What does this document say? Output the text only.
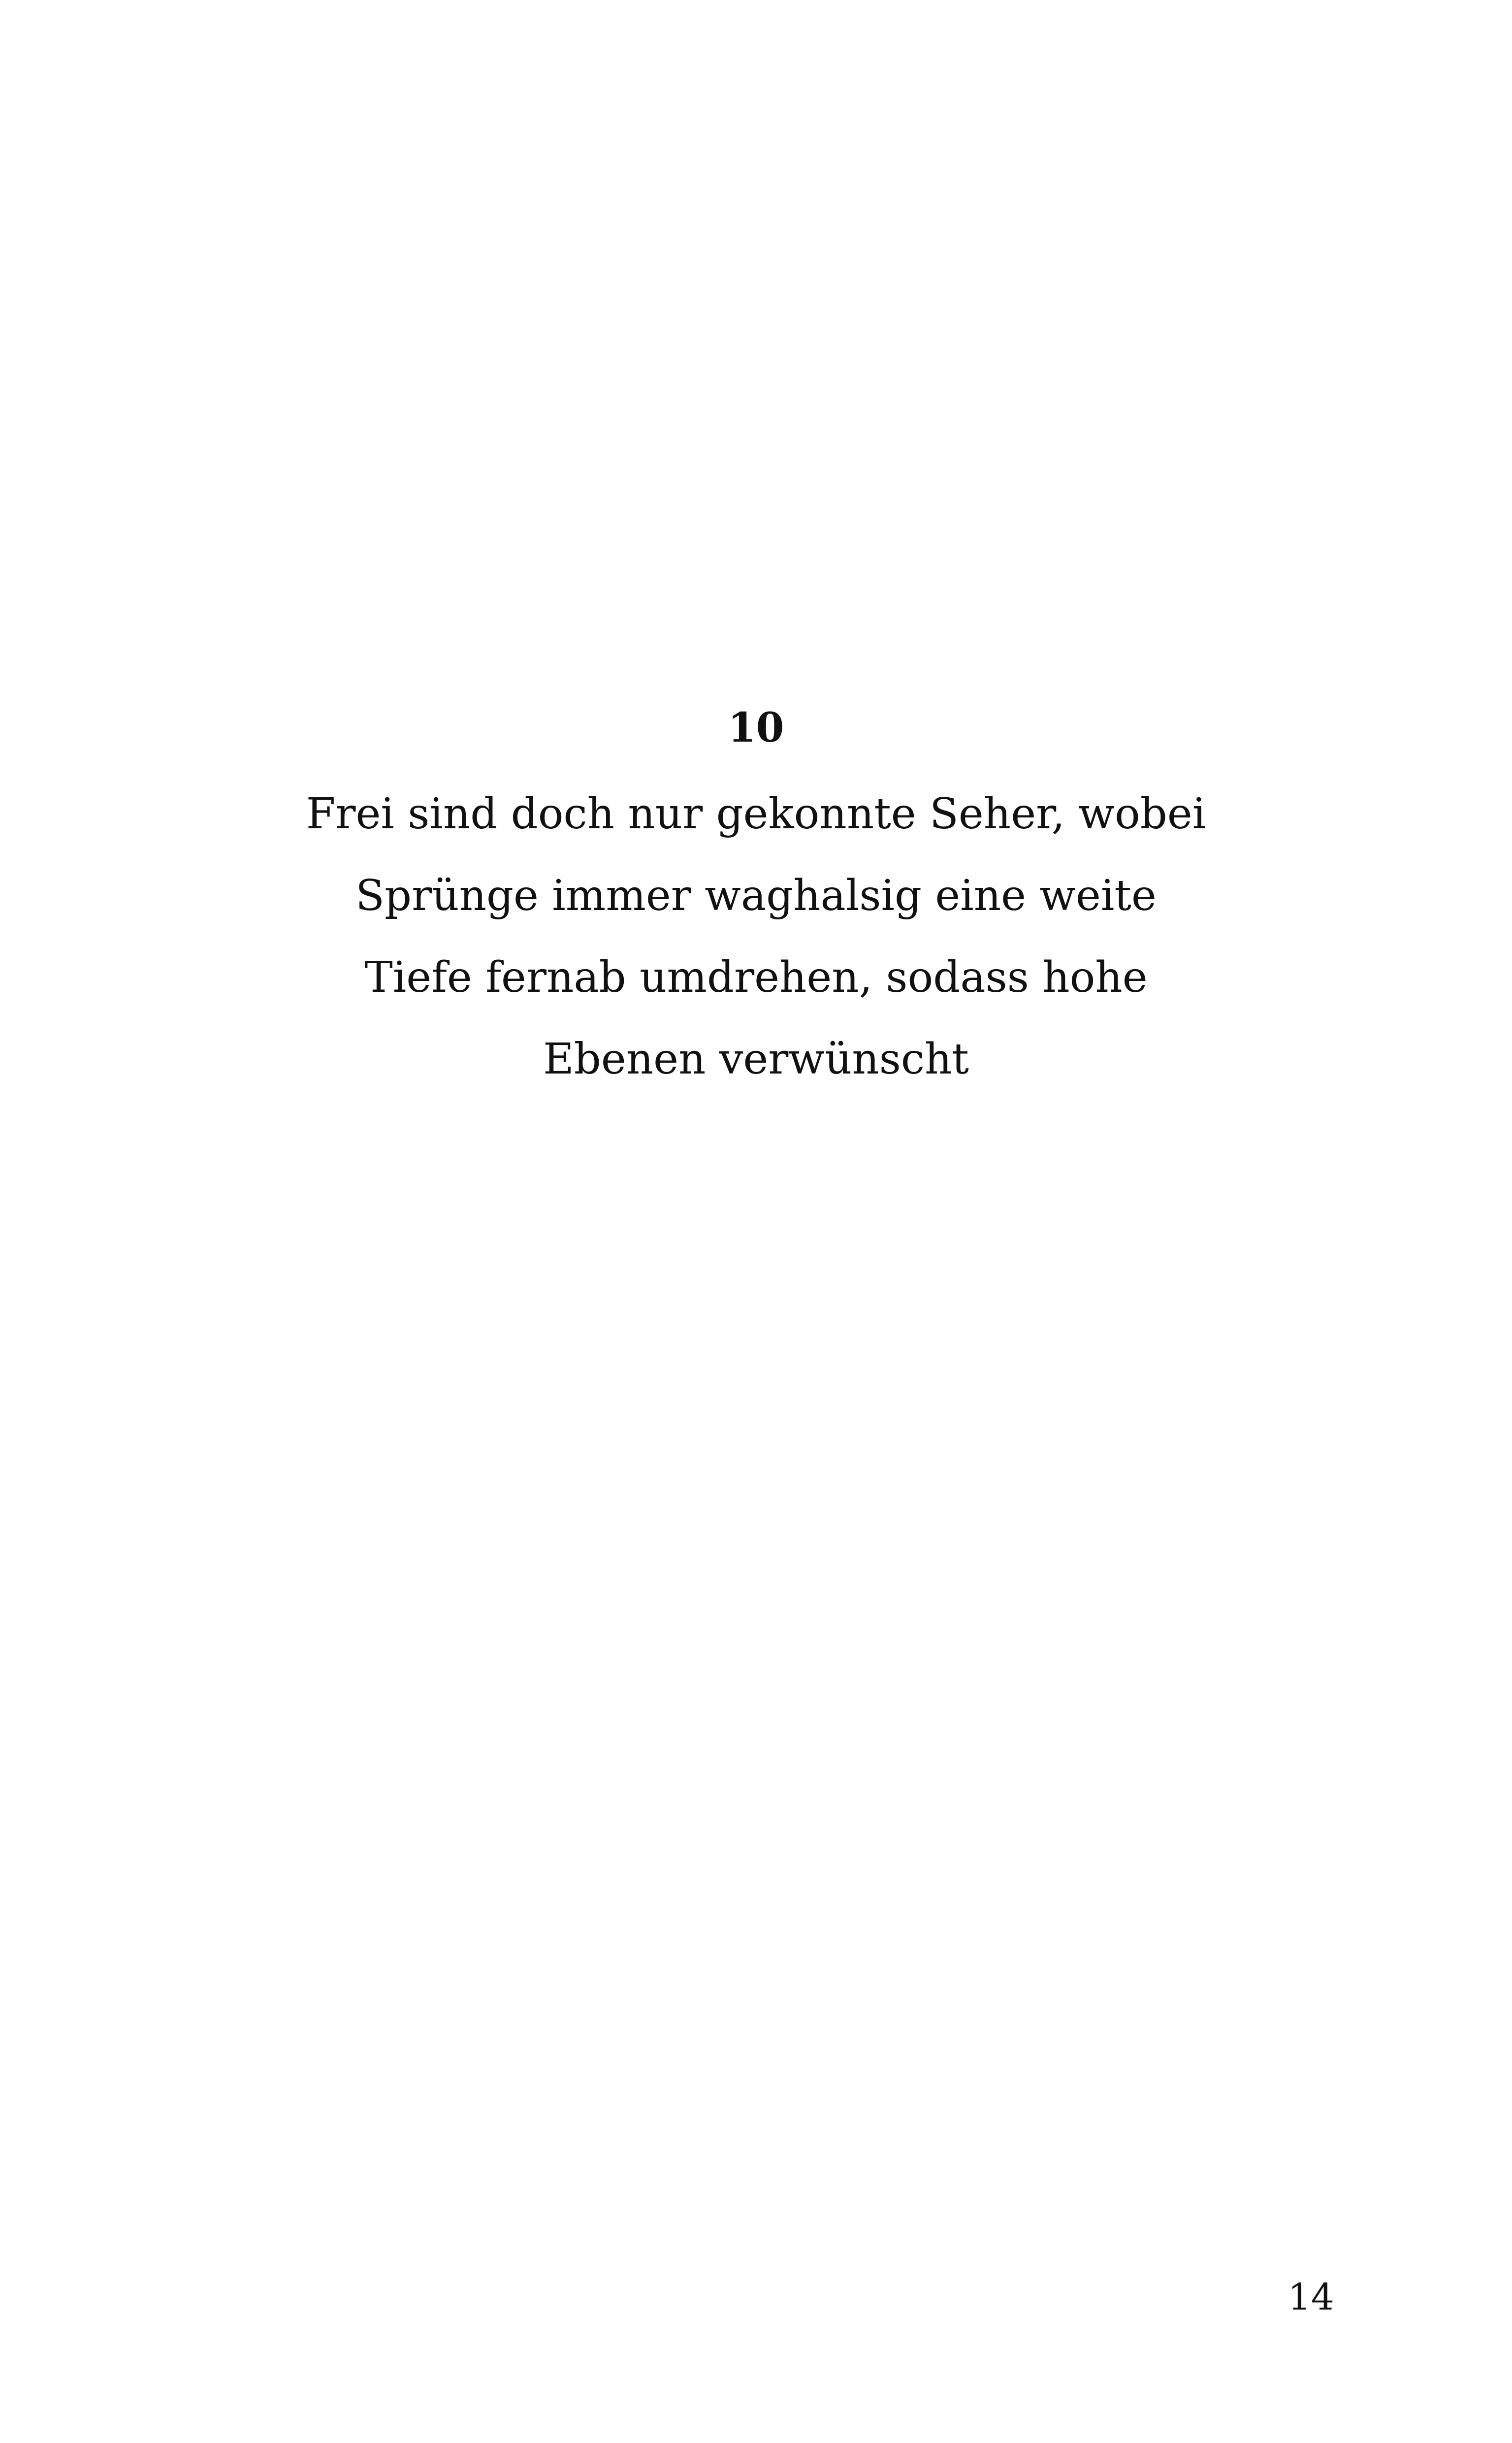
10
Frei sind doch nur gekonnte Seher, wobei
Sprünge immer waghalsig eine weite
Tiefe fernab umdrehen, sodass hohe
Ebenen verwünscht
14
